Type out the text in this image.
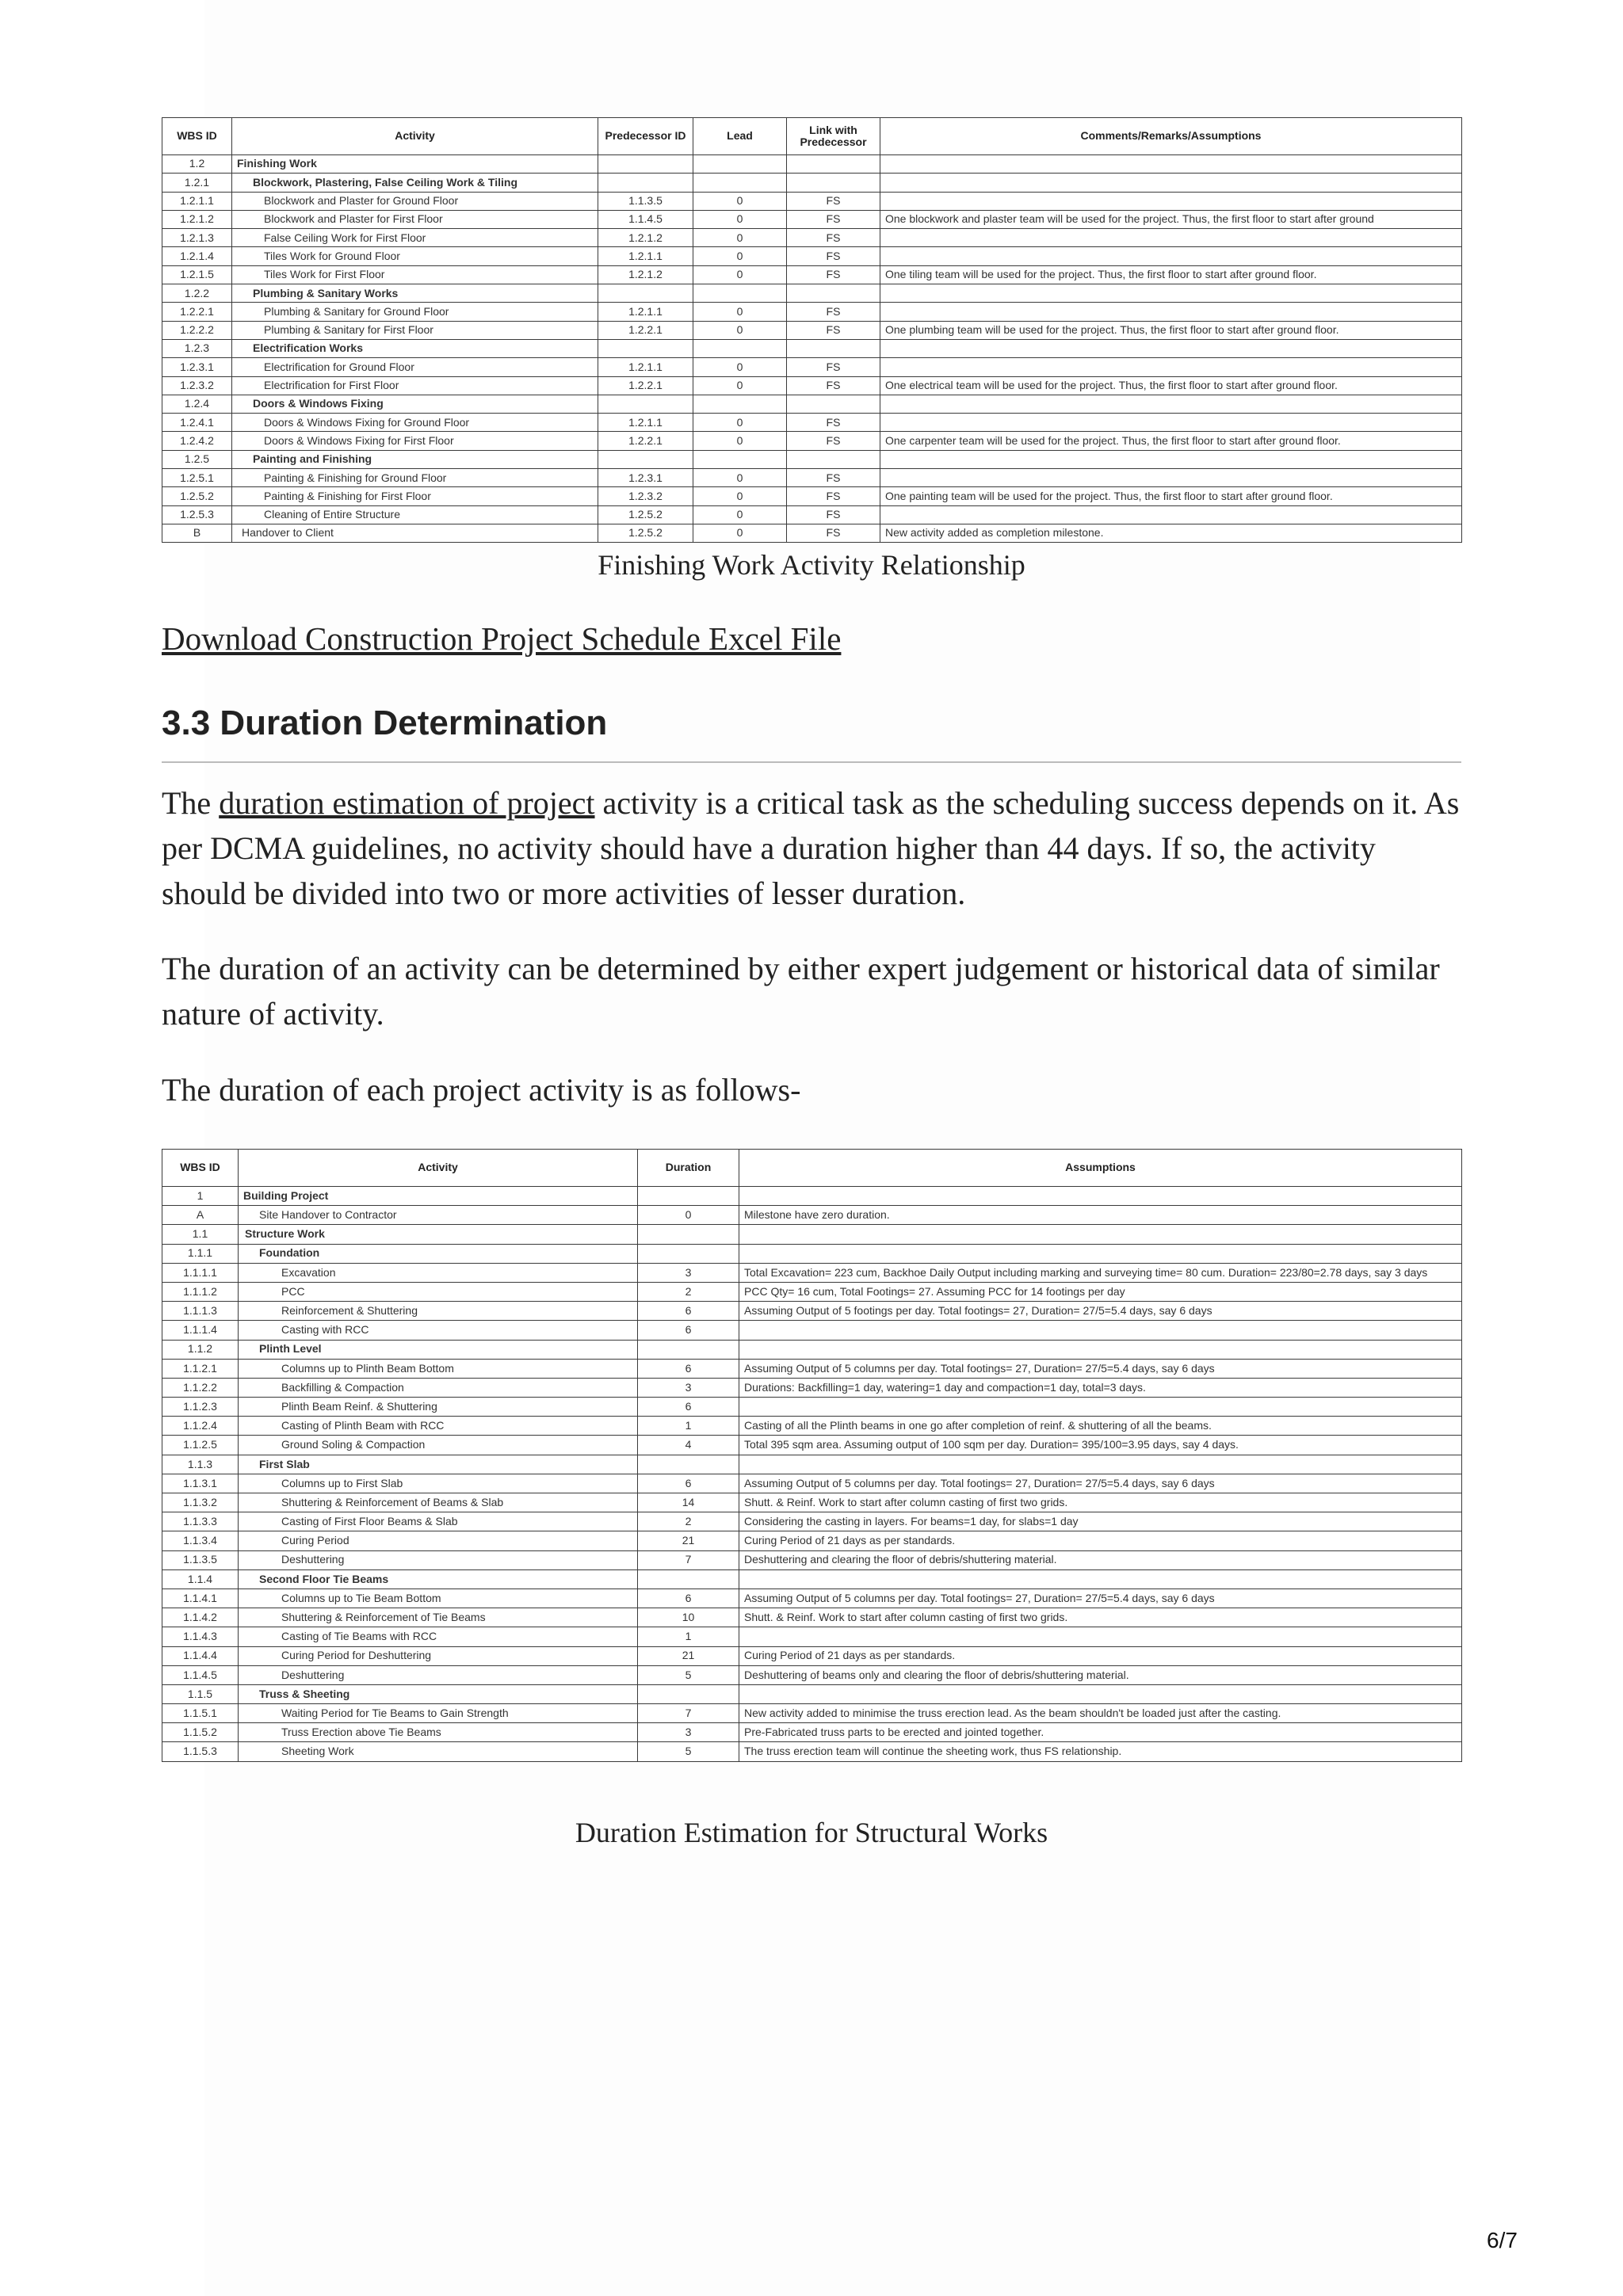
WBS ID	Activity	Predecessor ID	Lead	Link with Predecessor	Comments/Remarks/Assumptions
1.2	Finishing Work				
1.2.1	Blockwork, Plastering, False Ceiling Work & Tiling				
1.2.1.1	Blockwork and Plaster for Ground Floor	1.1.3.5	0	FS	
1.2.1.2	Blockwork and Plaster for First Floor	1.1.4.5	0	FS	One blockwork and plaster team will be used for the project. Thus, the first floor to start after ground
1.2.1.3	False Ceiling Work for First Floor	1.2.1.2	0	FS	
1.2.1.4	Tiles Work for Ground Floor	1.2.1.1	0	FS	
1.2.1.5	Tiles Work for First Floor	1.2.1.2	0	FS	One tiling team will be used for the project. Thus, the first floor to start after ground floor.
1.2.2	Plumbing & Sanitary Works				
1.2.2.1	Plumbing & Sanitary for Ground Floor	1.2.1.1	0	FS	
1.2.2.2	Plumbing & Sanitary for First Floor	1.2.2.1	0	FS	One plumbing team will be used for the project. Thus, the first floor to start after ground floor.
1.2.3	Electrification Works				
1.2.3.1	Electrification for Ground Floor	1.2.1.1	0	FS	
1.2.3.2	Electrification for First Floor	1.2.2.1	0	FS	One electrical team will be used for the project. Thus, the first floor to start after ground floor.
1.2.4	Doors & Windows Fixing				
1.2.4.1	Doors & Windows Fixing for Ground Floor	1.2.1.1	0	FS	
1.2.4.2	Doors & Windows Fixing for First Floor	1.2.2.1	0	FS	One carpenter team will be used for the project. Thus, the first floor to start after ground floor.
1.2.5	Painting and Finishing				
1.2.5.1	Painting & Finishing for Ground Floor	1.2.3.1	0	FS	
1.2.5.2	Painting & Finishing for First Floor	1.2.3.2	0	FS	One painting team will be used for the project. Thus, the first floor to start after ground floor.
1.2.5.3	Cleaning of Entire Structure	1.2.5.2	0	FS	
B	Handover to Client	1.2.5.2	0	FS	New activity added as completion milestone.
Finishing Work Activity Relationship
Download Construction Project Schedule Excel File
3.3 Duration Determination

The duration estimation of project activity is a critical task as the scheduling success depends on it. As per DCMA guidelines, no activity should have a duration higher than 44 days. If so, the activity should be divided into two or more activities of lesser duration.

The duration of an activity can be determined by either expert judgement or historical data of similar nature of activity.

The duration of each project activity is as follows-

WBS ID	Activity	Duration	Assumptions
1	Building Project		
A	Site Handover to Contractor	0	Milestone have zero duration.
1.1	Structure Work		
1.1.1	Foundation		
1.1.1.1	Excavation	3	Total Excavation= 223 cum, Backhoe Daily Output including marking and surveying time= 80 cum. Duration= 223/80=2.78 days, say 3 days
1.1.1.2	PCC	2	PCC Qty= 16 cum, Total Footings= 27. Assuming PCC for 14 footings per day
1.1.1.3	Reinforcement & Shuttering	6	Assuming Output of 5 footings per day. Total footings= 27, Duration= 27/5=5.4 days, say 6 days
1.1.1.4	Casting with RCC	6	
1.1.2	Plinth Level		
1.1.2.1	Columns up to Plinth Beam Bottom	6	Assuming Output of 5 columns per day. Total footings= 27, Duration= 27/5=5.4 days, say 6 days
1.1.2.2	Backfilling & Compaction	3	Durations: Backfilling=1 day, watering=1 day and compaction=1 day, total=3 days.
1.1.2.3	Plinth Beam Reinf. & Shuttering	6	
1.1.2.4	Casting of Plinth Beam with RCC	1	Casting of all the Plinth beams in one go after completion of reinf. & shuttering of all the beams.
1.1.2.5	Ground Soling & Compaction	4	Total 395 sqm area. Assuming output of 100 sqm per day. Duration= 395/100=3.95 days, say 4 days.
1.1.3	First Slab		
1.1.3.1	Columns up to First Slab	6	Assuming Output of 5 columns per day. Total footings= 27, Duration= 27/5=5.4 days, say 6 days
1.1.3.2	Shuttering & Reinforcement of Beams & Slab	14	Shutt. & Reinf. Work to start after column casting of first two grids.
1.1.3.3	Casting of First Floor Beams & Slab	2	Considering the casting in layers. For beams=1 day, for slabs=1 day
1.1.3.4	Curing Period	21	Curing Period of 21 days as per standards.
1.1.3.5	Deshuttering	7	Deshuttering and clearing the floor of debris/shuttering material.
1.1.4	Second Floor Tie Beams		
1.1.4.1	Columns up to Tie Beam Bottom	6	Assuming Output of 5 columns per day. Total footings= 27, Duration= 27/5=5.4 days, say 6 days
1.1.4.2	Shuttering & Reinforcement of Tie Beams	10	Shutt. & Reinf. Work to start after column casting of first two grids.
1.1.4.3	Casting of Tie Beams with RCC	1	
1.1.4.4	Curing Period for Deshuttering	21	Curing Period of 21 days as per standards.
1.1.4.5	Deshuttering	5	Deshuttering of beams only and clearing the floor of debris/shuttering material.
1.1.5	Truss & Sheeting		
1.1.5.1	Waiting Period for Tie Beams to Gain Strength	7	New activity added to minimise the truss erection lead. As the beam shouldn't be loaded just after the casting.
1.1.5.2	Truss Erection above Tie Beams	3	Pre-Fabricated truss parts to be erected and jointed together.
1.1.5.3	Sheeting Work	5	The truss erection team will continue the sheeting work, thus FS relationship.
Duration Estimation for Structural Works
6/7
